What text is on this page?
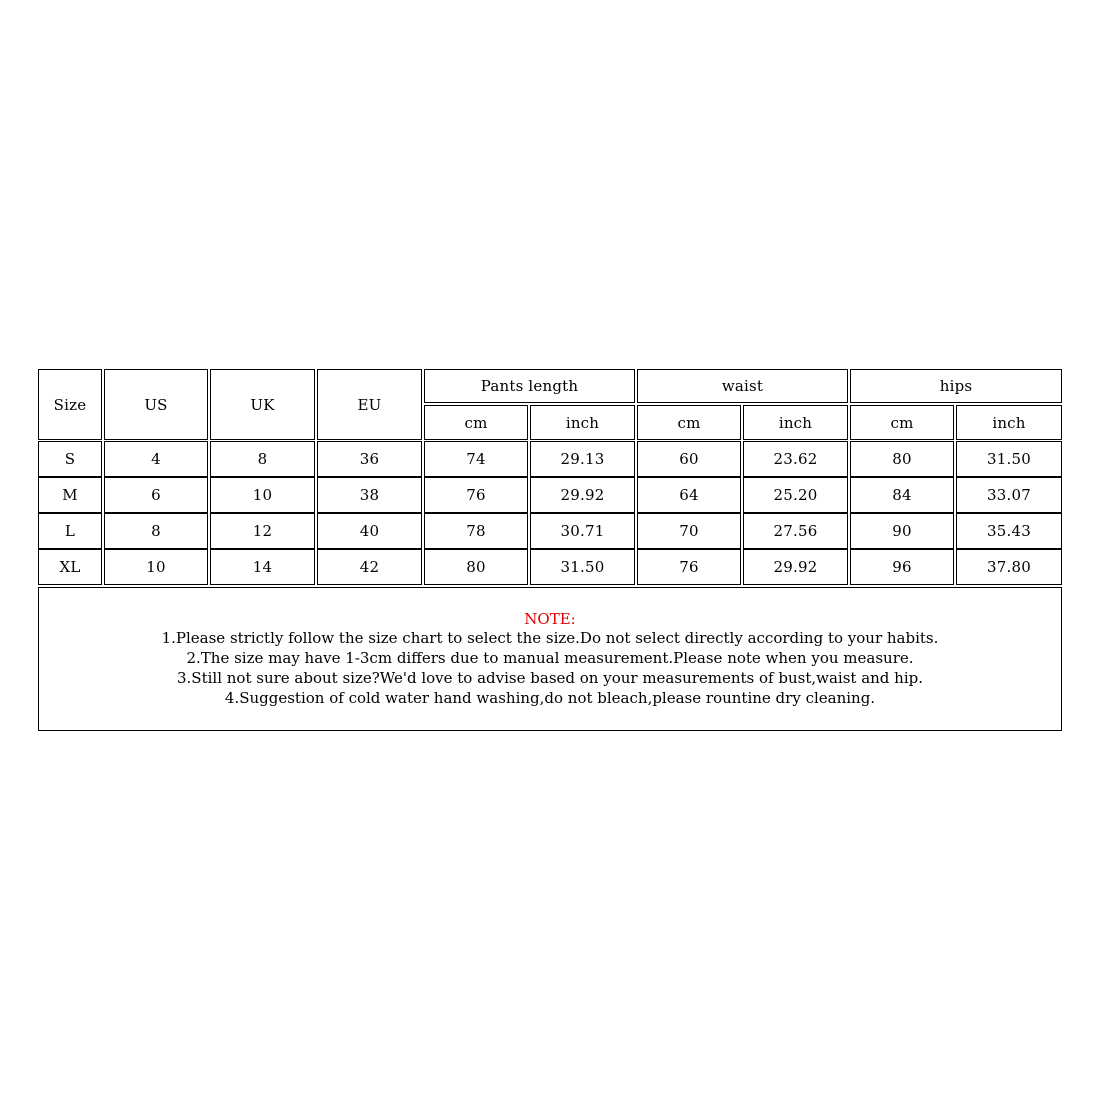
Size	US	UK	EU
Pants length	waist	hips
cm	inch	cm	inch	cm	inch
S	4	8	36	74	29.13	60	23.62	80	31.50
M	6	10	38	76	29.92	64	25.20	84	33.07
L	8	12	40	78	30.71	70	27.56	90	35.43
XL	10	14	42	80	31.50	76	29.92	96	37.80
NOTE:
1.Please strictly follow the size chart to select the size.Do not select directly according to your habits.
2.The size may have 1-3cm differs due to manual measurement.Please note when you measure.
3.Still not sure about size?We'd love to advise based on your measurements of bust,waist and hip.
4.Suggestion of cold water hand washing,do not bleach,please rountine dry cleaning.
